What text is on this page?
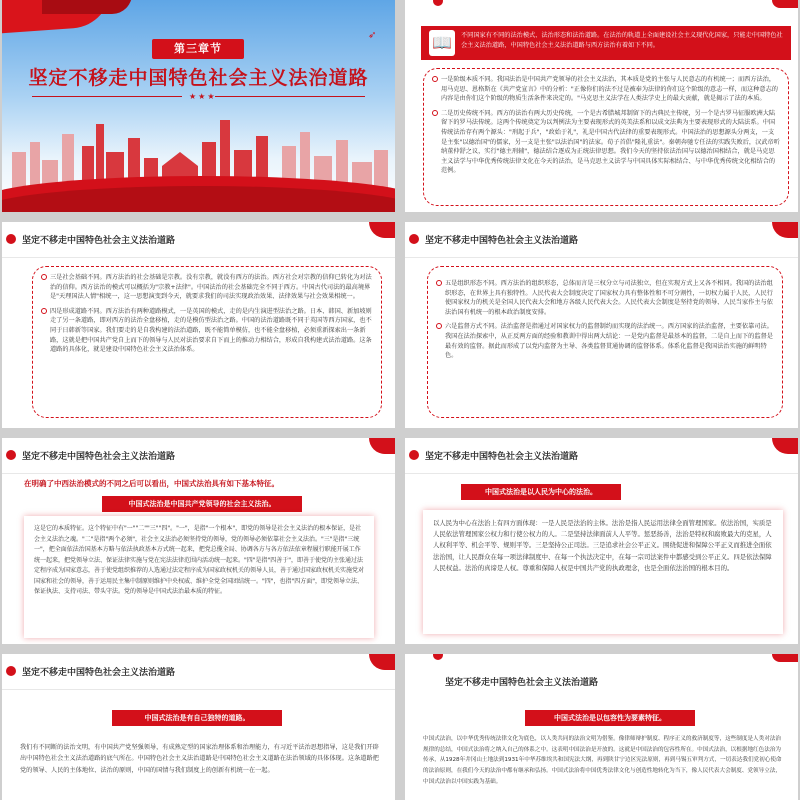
➶
第三章节
坚定不移走中国特色社会主义法治道路
★★★
📖	不同国家有不同的法治模式、法治形态和法治道路。在法治的轨道上全面建设社会主义现代化国家，只能走中国特色社会主义法治道路，中国特色社会主义法治道路与西方法治有着如下不同。
一是阶级本质不同。我国法治是中国共产党领导的社会主义法治，其本质是党的主张与人民意志的有机统一；而西方法治，用马克思、恩格斯在《共产党宣言》中的分析："正像你们的法不过是被奉为法律的你们这个阶级的意志一样，而这种意志的内容是由你们这个阶级的物质生活条件来决定的。"马克思主义法学在人类法学史上的最大贡献，就是揭示了法的本质。
二是历史传统不同。西方的法治有两大历史传统，一个是古希腊城邦制留下的古典民主传统，另一个是古罗马征服欧洲大陆留下的罗马法传统。这两个传统奠定为以判例法为主要表现形式的英美法系和以成文法典为主要表现形式的大陆法系。中国传统法治存有两个源头："刑起于兵"，"政始于礼"，礼是中国古代法律的重要表现形式。中国法治的思想源头分两支，一支是主张"以德治国"的儒家，另一支是主张"以法治国"的法家。荀子首倡"隆礼重法"。秦朝奔驰专任法的实践失败后，汉武帝听纳董仲舒之议，实行"德主刑辅"，德法结合逐成为正统法律思想。我们今天的坚持依法治国与以德治国相结合，就是马克思主义法学与中华优秀传统法律文化在今天的法治，是马克思主义法学与中国具体实际相结合、与中华优秀传统文化相结合的范例。
坚定不移走中国特色社会主义法治道路
三是社会基础不同。西方法治的社会基础是宗教。没有宗教，就没有西方的法治。西方社会对宗教的信仰已转化为对法治的信仰。西方法治的模式可以概括为"宗教+法律"。中国法治的社会基础完全不同于西方。中国古代司法的最高境界是"天理国法人情"相统一，这一思想演变到今天，就要求我们的司法实现政治效果、法律效果与社会效果相统一。
四是形成道路不同。西方法治有两种道路模式，一是英国的模式，走的是内生演进型法治之路。日本、韩国、新加坡则走了另一条道路，即对西方的法治全盘移植，走的是模仿型法治之路。中国的法治道路既不同于英国等西方国家，也不同于日韩新等国家。我们要走的是自我构建的法治道路，既不能简单模仿，也不能全盘移植，必须重新探索出一条新路，这就是把中国共产党自上而下的领导与人民对法治要求自下而上的推动力相结合，形成自我构建式法治道路。这条道路的具体化，就是建设中国特色社会主义法治体系。
坚定不移走中国特色社会主义法治道路
五是组织形态不同。西方法治的组织形态，总体而言是三权分立与司法独立，但在实现方式上又各不相同。我国的法治组织形态，在世界上具有独特性。人民代表大会制度决定了国家权力具有整体性和不可分割性，一切权力属于人民，人民行使国家权力的机关是全国人民代表大会和地方各级人民代表大会。人民代表大会制度是坚持党的领导、人民当家作主与依法治国有机统一的根本政治制度安排。
六是监督方式不同。法治监督是指通过对国家权力的监督制约而实现的法治统一。西方国家的法治监督，主要依靠司法。我国在法治探索中，从正反两方面的经验和教训中得出两大结论：一是党内监督是最基本的监督，二是自上而下的监督是最有效的监督。据此而形成了以党内监督为主导、各类监督贯通协调的监督体系。体系化监督是我国法治实施的鲜明特色。
坚定不移走中国特色社会主义法治道路
在明确了中西法治模式的不同之后可以看出，中国式法治具有如下基本特征。
中国式法治是中国共产党领导的社会主义法治。

这是它的本质特征。这个特征中有"一""二""三""四"。"一"，是指"一个根本"，即党的领导是社会主义法治的根本保证，是社会主义法治之魂。"二"是指"两个必须"，社会主义法治必须坚持党的领导，党的领导必须依靠社会主义法治。"三"是指"三统一"，把全面依法治国基本方略与依法执政基本方式统一起来，把党总揽全局、协调各方与各方依法依章程履行职能开展工作统一起来，把党领导立法、保证法律实施与党在宪法法律范围内活动统一起来。"四"是指"四善于"，即善于使党的主张通过法定程序成为国家意志，善于使党组织推荐的人选通过法定程序成为国家政权机关的领导人员，善于通过国家政权机关实施党对国家和社会的领导，善于运用民主集中制原则维护中央权威、维护全党全国团结统一。"四"，也指"四方面"，即党领导立法、保证执法、支持司法、带头守法。党的领导是中国式法治最本质的特征。

坚定不移走中国特色社会主义法治道路
中国式法治是以人民为中心的法治。

以人民为中心在法治上有四方面体现：一是人民是法治的主体。法治是指人民运用法律全面管理国家。依法治国，实质是人民依法管理国家公权力和行使公权力的人。二是坚持法律面前人人平等。惩恶扬善，法治是特权和腐败最大的克星，人人权利平等、机会平等、规则平等。三是坚持公正司法。三是追求社会公平正义。围绕促进和保障公平正义而推进全面依法治国，让人民群众在每一项法律制度中、在每一个执法决定中，在每一宗司法案件中都感受到公平正义。四是依法保障人民权益。法治的真谛是人权。尊重和保障人权是中国共产党的执政理念，也是全面依法治国的根本目的。

坚定不移走中国特色社会主义法治道路
中国式法治是有自己独特的道路。
我们有不同断的法治文明，有中国共产党坚强领导，有成熟定型的国家治理体系和治理能力，有习近平法治思想指导，这是我们开辟出中国特色社会主义法治道路的底气所在。中国特色社会主义法治道路是中国特色社会主义道路在法治领域的具体体现。这条道路把党的领导、人民的主体地位、法治的原则，中国的国情与我们制度上的创新有机统一在一起。
坚定不移走中国特色社会主义法治道路
中国式法治是以包容性为要素特征。
中国式法治，以中华优秀传统法律文化为底色，以人类共同的法治文明为借鉴。像律师辩护制度、程序正义的救济制度等，这些制度是人类对法治规律的总结，中国式法治将之纳入自己的体系之中。这表明中国法治是开放的。这就是中国法治的包容性所在。中国式法治，以根据地红色法治为传承，从1928年井冈山土地法到1931年中华苏维埃共和国宪法大纲，再到陕甘宁边区宪法原则，再到马锡五审判方式，一切表达我们党初心使命的法治原则，在我们今天的法治中都有继承和弘扬。中国式法治将中国优秀法律文化与创造性地转化为当下，像人民代表大会制度、党领导立法，中国式法治以中国实践为基础。
